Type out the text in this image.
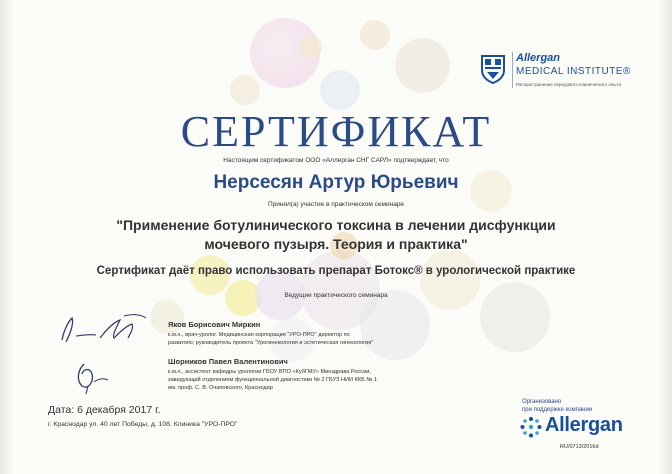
Allergan
MEDICAL INSTITUTE®
Распространение передового клинического опыта
СЕРТИФИКАТ
Настоящим сертификатом ООО «Аллерган СНГ САРЛ» подтверждает, что
Нерсесян Артур Юрьевич
Принял(а) участие в практическом семинаре
"Применение ботулинического токсина в лечении дисфункции
мочевого пузыря. Теория и практика"
Сертификат даёт право использовать препарат Ботокс® в урологической практике
Ведущие практического семинара
Яков Борисович Миркин
к.м.н., врач-уролог. Медицинская корпорация "УРО-ПРО" директор по
развитию; руководитель проекта "Урогинекология и эстетическая гинекология"
Шорников Павел Валентинович
к.м.н., ассистент кафедры урологии ГБОУ ВПО «КубГМУ» Минздрава России,
заведующий отделением функциональной диагностики № 2 ГБУЗ НИИ ККБ № 1
им. проф. С. В. Очаповского, Краснодар
Дата: 6 декабря 2017 г.
г. Краснодар ул. 40 лет Победы, д. 108. Клиника "УРО-ПРО"
Организовано
при поддержке компании
Allergan
RU/0713/2016d
